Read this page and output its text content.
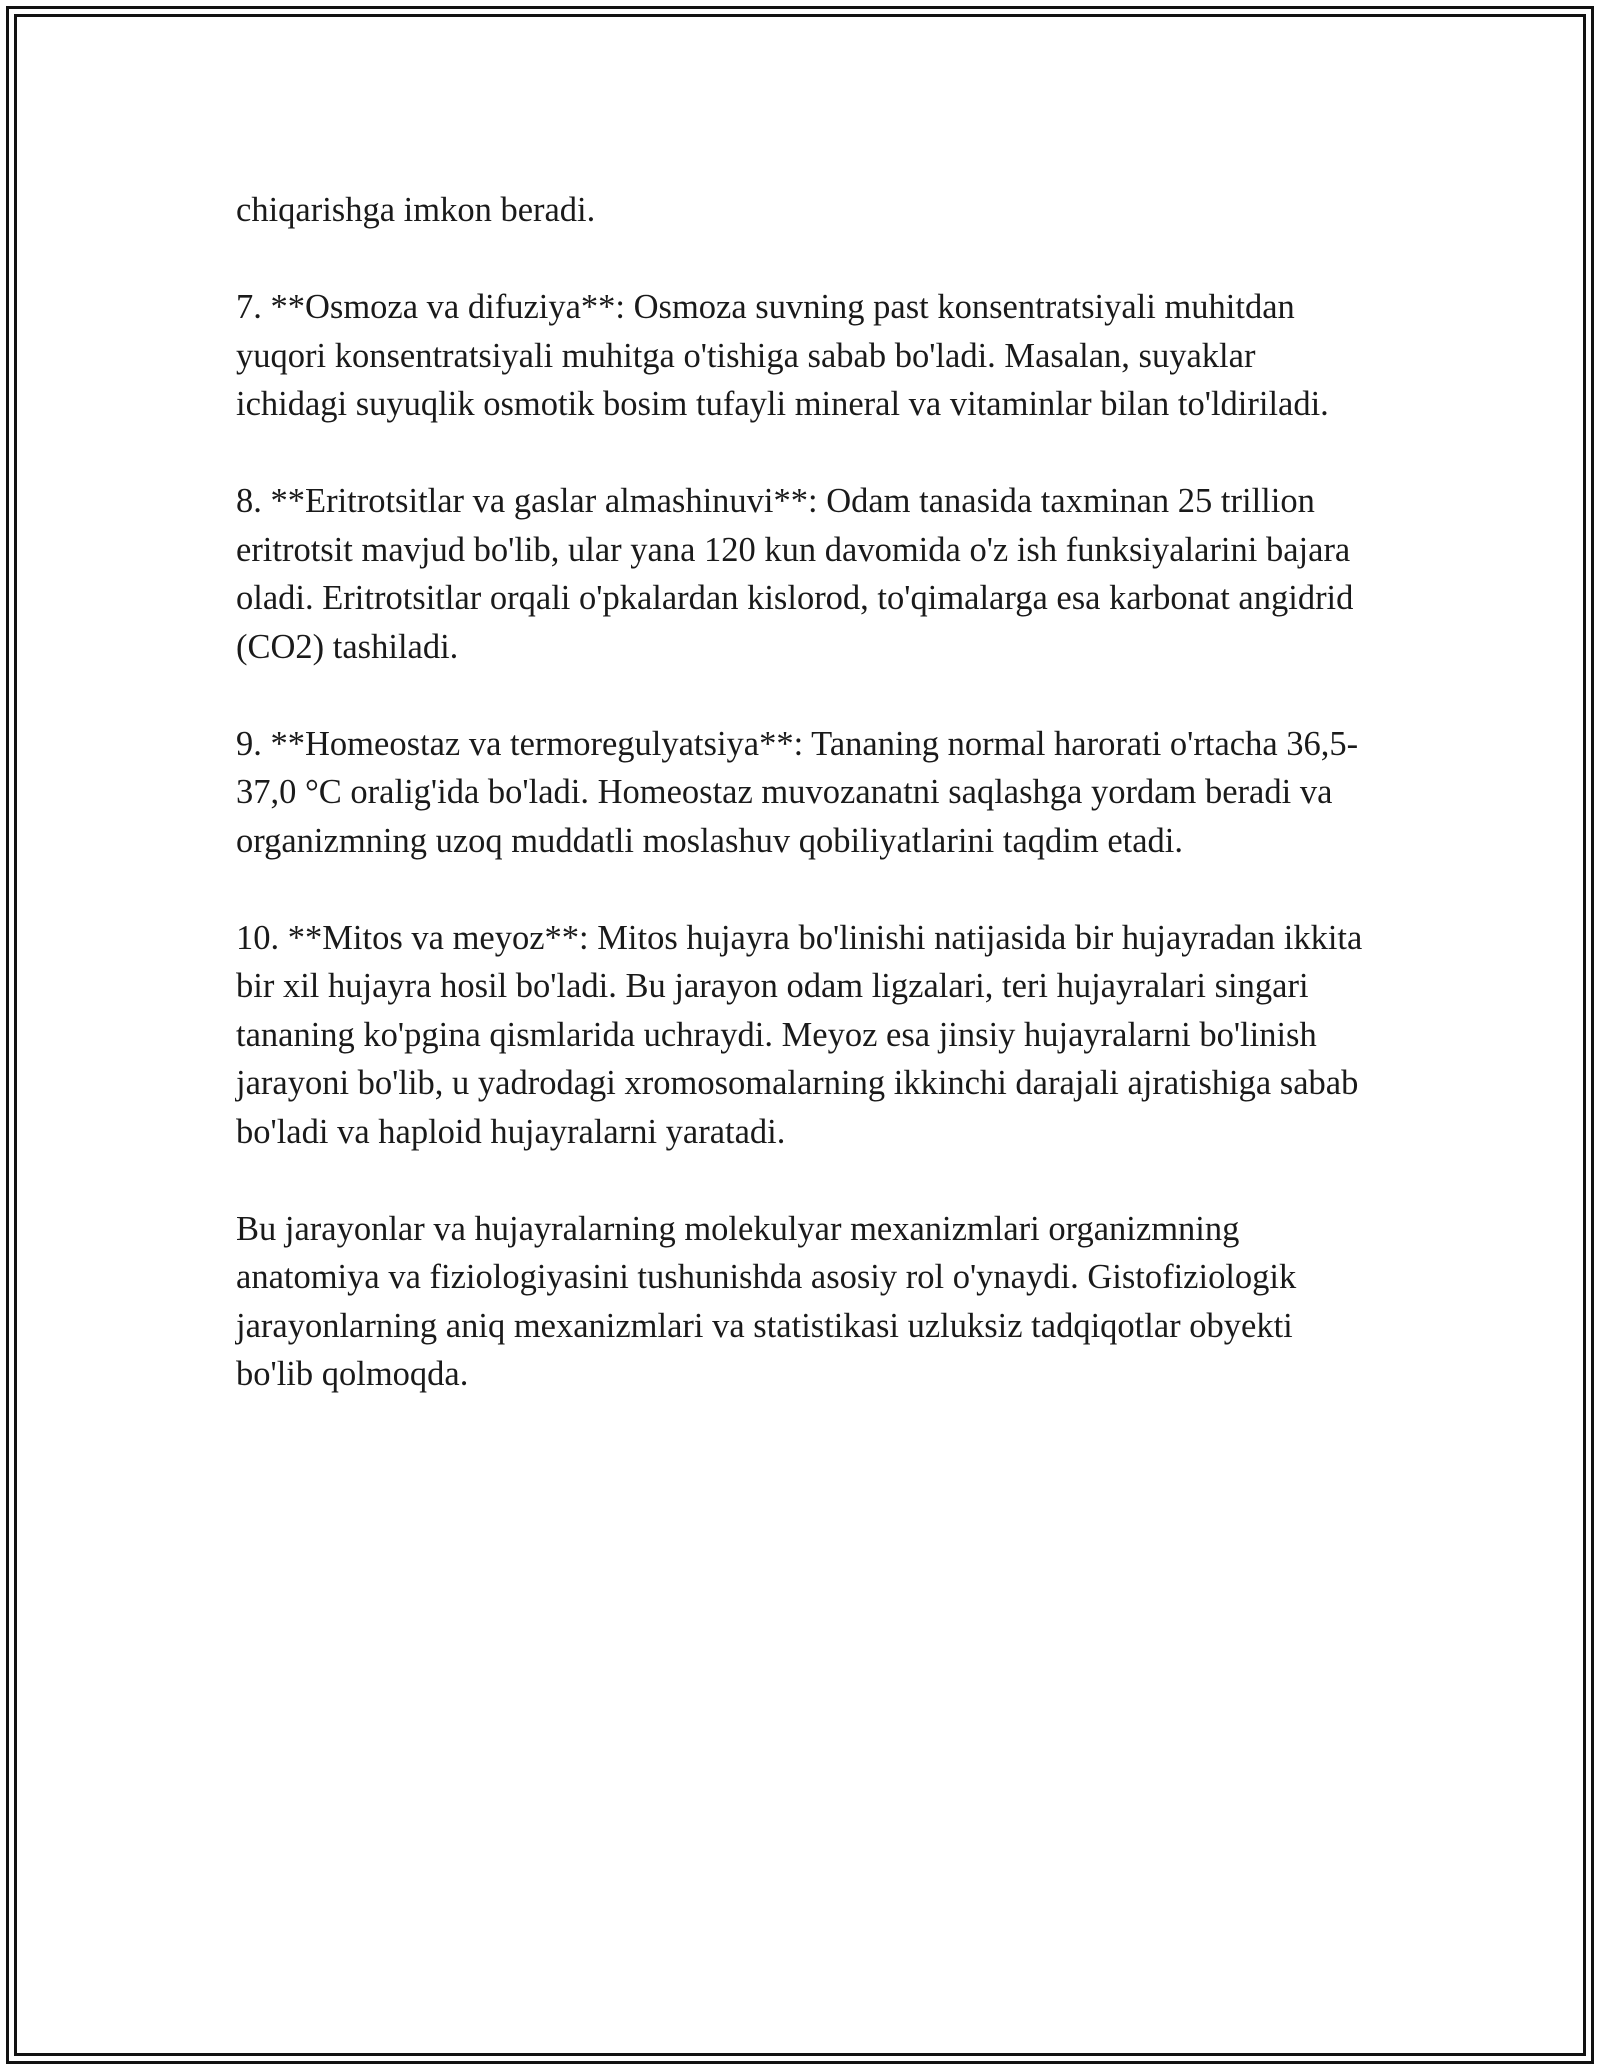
chiqarishga imkon beradi.

7. **Osmoza va difuziya**: Osmoza suvning past konsentratsiyali muhitdan yuqori konsentratsiyali muhitga o'tishiga sabab bo'ladi. Masalan, suyaklar ichidagi suyuqlik osmotik bosim tufayli mineral va vitaminlar bilan to'ldiriladi.

8. **Eritrotsitlar va gaslar almashinuvi**: Odam tanasida taxminan 25 trillion eritrotsit mavjud bo'lib, ular yana 120 kun davomida o'z ish funksiyalarini bajara oladi. Eritrotsitlar orqali o'pkalardan kislorod, to'qimalarga esa karbonat angidrid (CO2) tashiladi.

9. **Homeostaz va termoregulyatsiya**: Tananing normal harorati o'rtacha 36,5-37,0 °C oralig'ida bo'ladi. Homeostaz muvozanatni saqlashga yordam beradi va organizmning uzoq muddatli moslashuv qobiliyatlarini taqdim etadi.

10. **Mitos va meyoz**: Mitos hujayra bo'linishi natijasida bir hujayradan ikkita bir xil hujayra hosil bo'ladi. Bu jarayon odam ligzalari, teri hujayralari singari tananing ko'pgina qismlarida uchraydi. Meyoz esa jinsiy hujayralarni bo'linish jarayoni bo'lib, u yadrodagi xromosomalarning ikkinchi darajali ajratishiga sabab bo'ladi va haploid hujayralarni yaratadi.

Bu jarayonlar va hujayralarning molekulyar mexanizmlari organizmning anatomiya va fiziologiyasini tushunishda asosiy rol o'ynaydi. Gistofiziologik jarayonlarning aniq mexanizmlari va statistikasi uzluksiz tadqiqotlar obyekti bo'lib qolmoqda.
